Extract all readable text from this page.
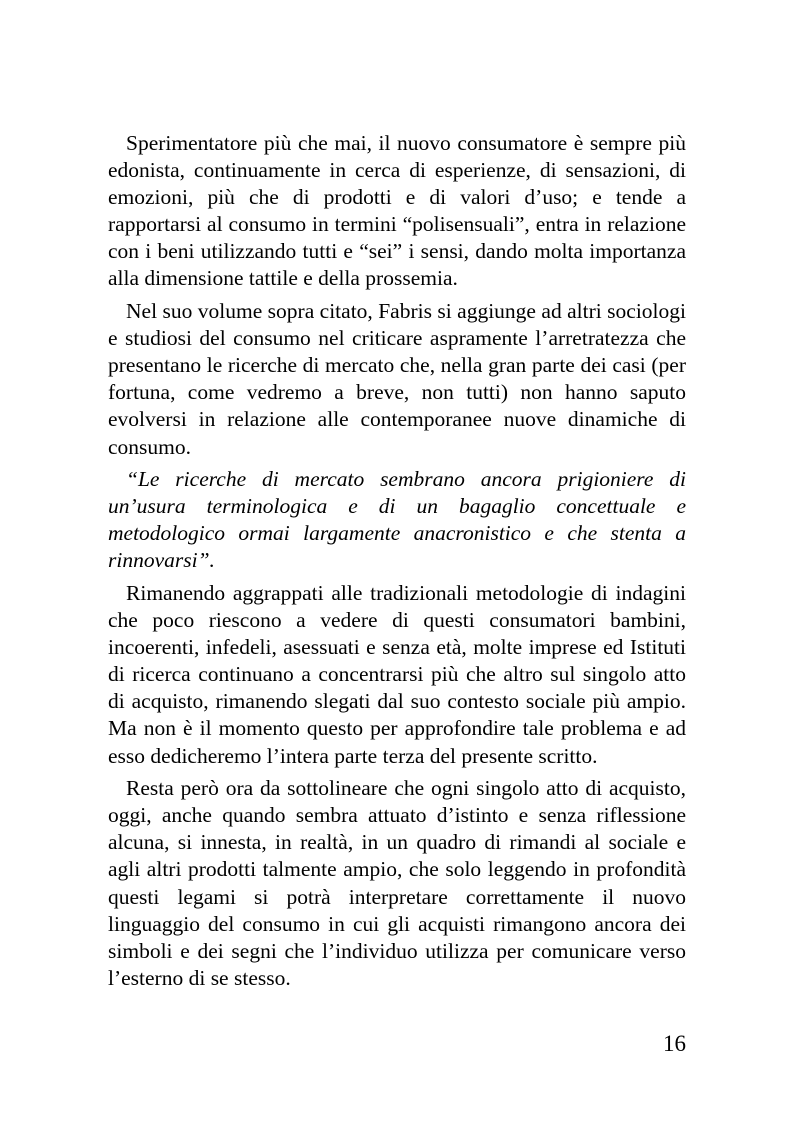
Sperimentatore più che mai, il nuovo consumatore è sempre più edonista, continuamente in cerca di esperienze, di sensazioni, di emozioni, più che di prodotti e di valori d’uso; e tende a rapportarsi al consumo in termini “polisensuali”, entra in relazione con i beni utilizzando tutti e “sei” i sensi, dando molta importanza alla dimensione tattile e della prossemia.

Nel suo volume sopra citato, Fabris si aggiunge ad altri sociologi e studiosi del consumo nel criticare aspramente l’arretratezza che presentano le ricerche di mercato che, nella gran parte dei casi (per fortuna, come vedremo a breve, non tutti) non hanno saputo evolversi in relazione alle contemporanee nuove dinamiche di consumo.

“Le ricerche di mercato sembrano ancora prigioniere di un’usura terminologica e di un bagaglio concettuale e metodologico ormai largamente anacronistico e che stenta a rinnovarsi”.

Rimanendo aggrappati alle tradizionali metodologie di indagini che poco riescono a vedere di questi consumatori bambini, incoerenti, infedeli, asessuati e senza età, molte imprese ed Istituti di ricerca continuano a concentrarsi più che altro sul singolo atto di acquisto, rimanendo slegati dal suo contesto sociale più ampio. Ma non è il momento questo per approfondire tale problema e ad esso dedicheremo l’intera parte terza del presente scritto.

Resta però ora da sottolineare che ogni singolo atto di acquisto, oggi, anche quando sembra attuato d’istinto e senza riflessione alcuna, si innesta, in realtà, in un quadro di rimandi al sociale e agli altri prodotti talmente ampio, che solo leggendo in profondità questi legami si potrà interpretare correttamente il nuovo linguaggio del consumo in cui gli acquisti rimangono ancora dei simboli e dei segni che l’individuo utilizza per comunicare verso l’esterno di se stesso.

16
